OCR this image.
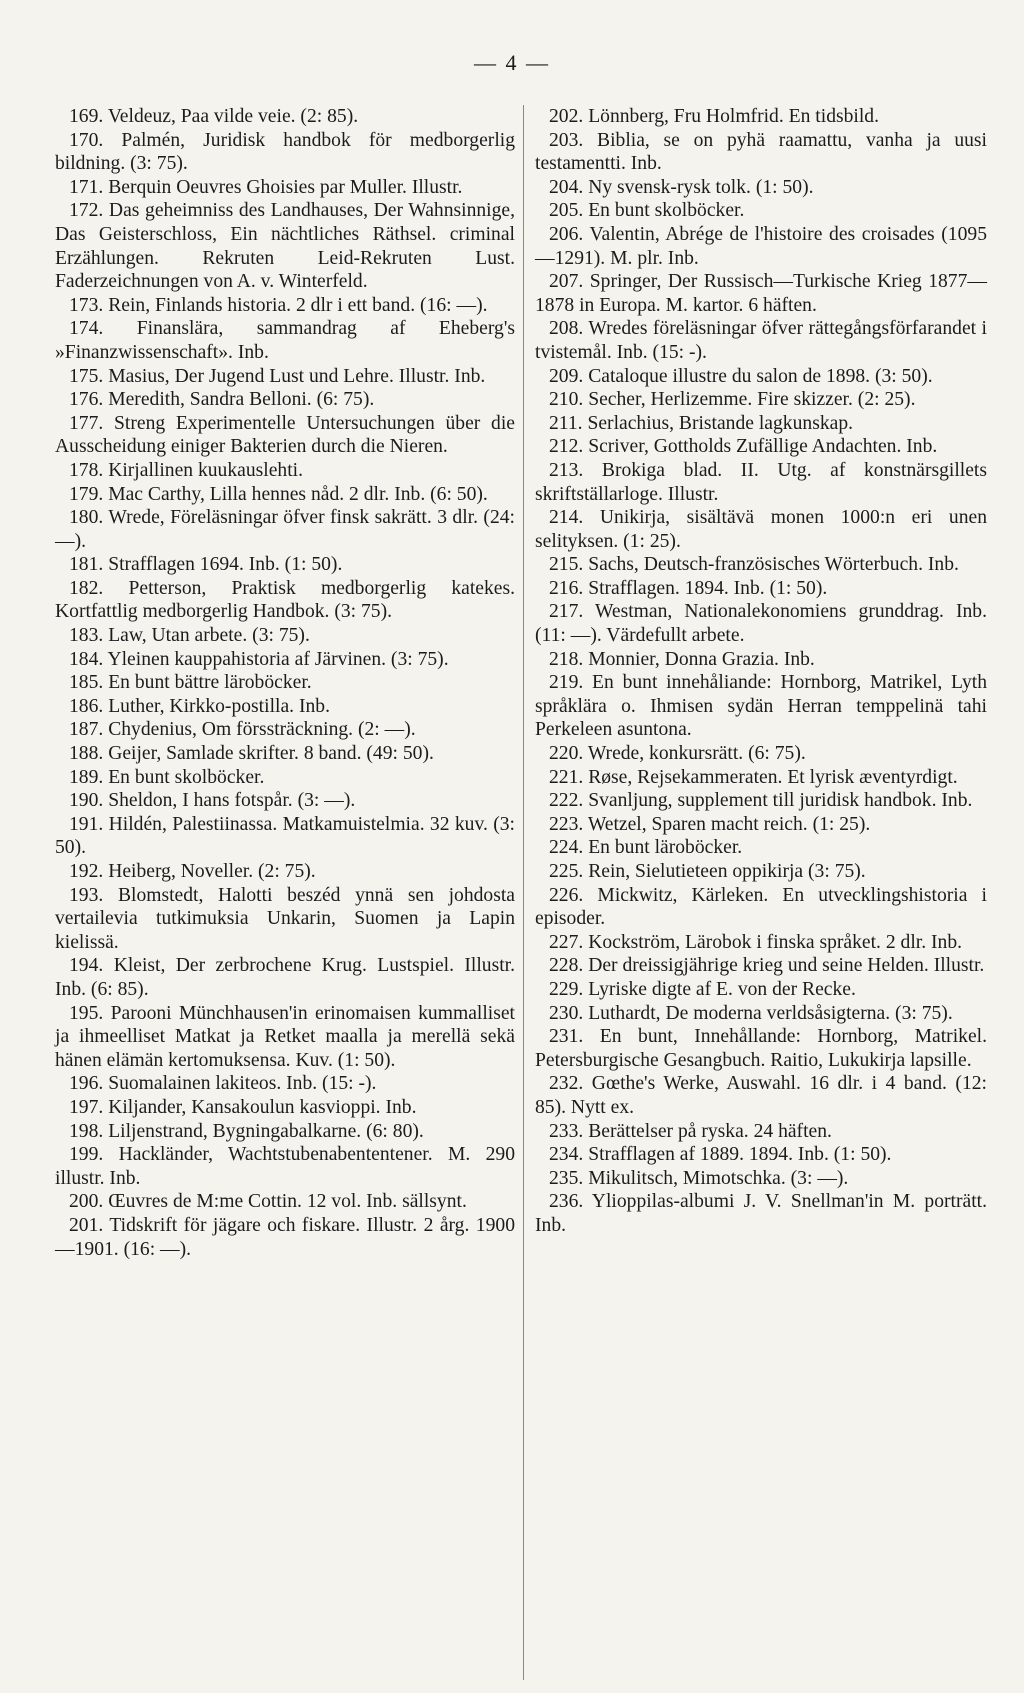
— 4 —

169. Veldeuz, Paa vilde veie. (2: 85).

170. Palmén, Juridisk handbok för medborgerlig bildning. (3: 75).

171. Berquin Oeuvres Ghoisies par Muller. Illustr.

172. Das geheimniss des Landhauses, Der Wahnsinnige, Das Geisterschloss, Ein nächtliches Räthsel. criminal Erzählungen. Rekruten Leid-Rekruten Lust. Faderzeichnungen von A. v. Winterfeld.

173. Rein, Finlands historia. 2 dlr i ett band. (16: —).

174. Finanslära, sammandrag af Eheberg's »Finanzwissenschaft». Inb.

175. Masius, Der Jugend Lust und Lehre. Illustr. Inb.

176. Meredith, Sandra Belloni. (6: 75).

177. Streng Experimentelle Untersuchungen über die Ausscheidung einiger Bakterien durch die Nieren.

178. Kirjallinen kuukauslehti.

179. Mac Carthy, Lilla hennes nåd. 2 dlr. Inb. (6: 50).

180. Wrede, Föreläsningar öfver finsk sakrätt. 3 dlr. (24: —).

181. Strafflagen 1694. Inb. (1: 50).

182. Petterson, Praktisk medborgerlig katekes. Kortfattlig medborgerlig Handbok. (3: 75).

183. Law, Utan arbete. (3: 75).

184. Yleinen kauppahistoria af Järvinen. (3: 75).

185. En bunt bättre läroböcker.

186. Luther, Kirkko-postilla. Inb.

187. Chydenius, Om förssträckning. (2: —).

188. Geijer, Samlade skrifter. 8 band. (49: 50).

189. En bunt skolböcker.

190. Sheldon, I hans fotspår. (3: —).

191. Hildén, Palestiinassa. Matkamuistelmia. 32 kuv. (3: 50).

192. Heiberg, Noveller. (2: 75).

193. Blomstedt, Halotti beszéd ynnä sen johdosta vertailevia tutkimuksia Unkarin, Suomen ja Lapin kielissä.

194. Kleist, Der zerbrochene Krug. Lustspiel. Illustr. Inb. (6: 85).

195. Parooni Münchhausen'in erinomaisen kummalliset ja ihmeelliset Matkat ja Retket maalla ja merellä sekä hänen elämän kertomuksensa. Kuv. (1: 50).

196. Suomalainen lakiteos. Inb. (15: -).

197. Kiljander, Kansakoulun kasvioppi. Inb.

198. Liljenstrand, Bygningabalkarne. (6: 80).

199. Hackländer, Wachtstubenabententener. M. 290 illustr. Inb.

200. Œuvres de M:me Cottin. 12 vol. Inb. sällsynt.

201. Tidskrift för jägare och fiskare. Illustr. 2 årg. 1900—1901. (16: —).

202. Lönnberg, Fru Holmfrid. En tidsbild.

203. Biblia, se on pyhä raamattu, vanha ja uusi testamentti. Inb.

204. Ny svensk-rysk tolk. (1: 50).

205. En bunt skolböcker.

206. Valentin, Abrége de l'histoire des croisades (1095—1291). M. plr. Inb.

207. Springer, Der Russisch—Turkische Krieg 1877—1878 in Europa. M. kartor. 6 häften.

208. Wredes föreläsningar öfver rättegångsförfarandet i tvistemål. Inb. (15: -).

209. Cataloque illustre du salon de 1898. (3: 50).

210. Secher, Herlizemme. Fire skizzer. (2: 25).

211. Serlachius, Bristande lagkunskap.

212. Scriver, Gottholds Zufällige Andachten. Inb.

213. Brokiga blad. II. Utg. af konstnärsgillets skriftställarloge. Illustr.

214. Unikirja, sisältävä monen 1000:n eri unen selityksen. (1: 25).

215. Sachs, Deutsch-französisches Wörterbuch. Inb.

216. Strafflagen. 1894. Inb. (1: 50).

217. Westman, Nationalekonomiens grunddrag. Inb. (11: —). Värdefullt arbete.

218. Monnier, Donna Grazia. Inb.

219. En bunt innehåliande: Hornborg, Matrikel, Lyth språklära o. Ihmisen sydän Herran temppelinä tahi Perkeleen asuntona.

220. Wrede, konkursrätt. (6: 75).

221. Røse, Rejsekammeraten. Et lyrisk æventyrdigt.

222. Svanljung, supplement till juridisk handbok. Inb.

223. Wetzel, Sparen macht reich. (1: 25).

224. En bunt läroböcker.

225. Rein, Sielutieteen oppikirja (3: 75).

226. Mickwitz, Kärleken. En utvecklingshistoria i episoder.

227. Kockström, Lärobok i finska språket. 2 dlr. Inb.

228. Der dreissigjährige krieg und seine Helden. Illustr.

229. Lyriske digte af E. von der Recke.

230. Luthardt, De moderna verldsåsigterna. (3: 75).

231. En bunt, Innehållande: Hornborg, Matrikel. Petersburgische Gesangbuch. Raitio, Lukukirja lapsille.

232. Gœthe's Werke, Auswahl. 16 dlr. i 4 band. (12: 85). Nytt ex.

233. Berättelser på ryska. 24 häften.

234. Strafflagen af 1889. 1894. Inb. (1: 50).

235. Mikulitsch, Mimotschka. (3: —).

236. Ylioppilas-albumi J. V. Snellman'in M. porträtt. Inb.
